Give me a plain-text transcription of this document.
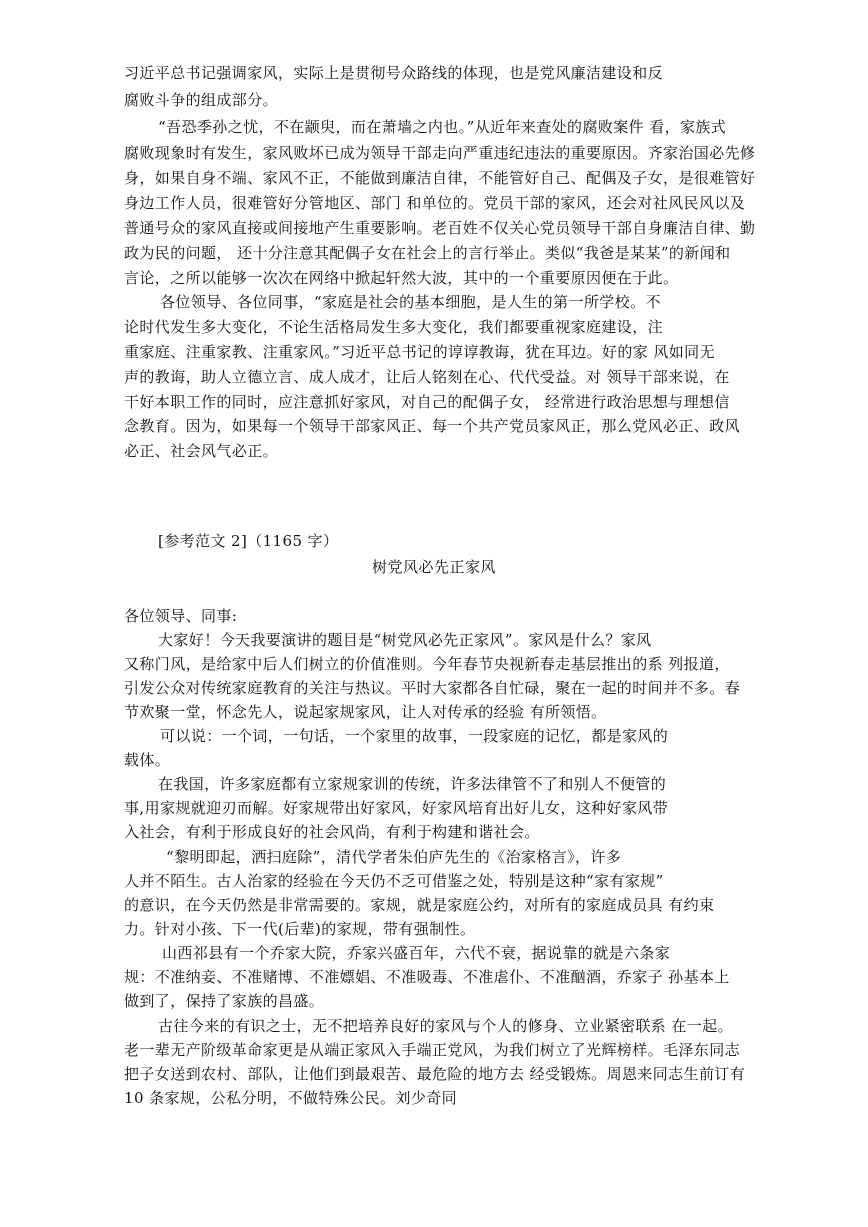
习近平总书记强调家风，实际上是贯彻号众路线的体现，也是党风廉洁建设和反
腐败斗争的组成部分。
“吾恐季孙之忧，不在颛臾，而在萧墙之内也。”从近年来查处的腐败案件 看，家族式
腐败现象时有发生，家风败坏已成为领导干部走向严重违纪违法的重要原因。齐家治国必先修
身，如果自身不端、家风不正，不能做到廉洁自律，不能管好自己、配偶及子女，是很难管好
身边工作人员，很难管好分管地区、部门 和单位的。党员干部的家风，还会对社风民风以及
普通号众的家风直接或间接地产生重要影响。老百姓不仅关心党员领导干部自身廉洁自律、勤
政为民的问题， 还十分注意其配偶子女在社会上的言行举止。类似“我爸是某某”的新闻和
言论，之所以能够一次次在网络中掀起轩然大波，其中的一个重要原因便在于此。
各位领导、各位同事，“家庭是社会的基本细胞，是人生的第一所学校。不
论时代发生多大变化，不论生活格局发生多大变化，我们都要重视家庭建设，注
重家庭、注重家教、注重家风。”习近平总书记的谆谆教诲，犹在耳边。好的家 风如同无
声的教诲，助人立德立言、成人成才，让后人铭刻在心、代代受益。对 领导干部来说，在
干好本职工作的同时，应注意抓好家风，对自己的配偶子女， 经常进行政治思想与理想信
念教育。因为，如果每一个领导干部家风正、每一个共产党员家风正，那么党风必正、政风
必正、社会风气必正。
[参考范文 2]（1165 字）
树党风必先正家风
各位领导、同事:
大家好！今天我要演讲的题目是“树党风必先正家风”。家风是什么？家风
又称门风，是给家中后人们树立的价值准则。今年春节央视新春走基层推出的系 列报道，
引发公众对传统家庭教育的关注与热议。平时大家都各自忙碌，聚在一起的时间并不多。春
节欢聚一堂，怀念先人，说起家规家风，让人对传承的经验 有所领悟。
可以说：一个词，一句话，一个家里的故事，一段家庭的记忆，都是家风的
载体。
在我国，许多家庭都有立家规家训的传统，许多法律管不了和别人不便管的
事,用家规就迎刃而解。好家规带出好家风，好家风培育出好儿女，这种好家风带
入社会，有利于形成良好的社会风尚，有利于构建和谐社会。
“黎明即起，洒扫庭除”，清代学者朱伯庐先生的《治家格言》，许多
人并不陌生。古人治家的经验在今天仍不乏可借鉴之处，特别是这种“家有家规”
的意识，在今天仍然是非常需要的。家规，就是家庭公约，对所有的家庭成员具 有约束
力。针对小孩、下一代(后辈)的家规，带有强制性。
山西祁县有一个乔家大院，乔家兴盛百年，六代不衰，据说靠的就是六条家
规：不准纳妾、不准赌博、不准嫖娼、不准吸毒、不准虐仆、不准酗酒，乔家子 孙基本上
做到了，保持了家族的昌盛。
古往今来的有识之士，无不把培养良好的家风与个人的修身、立业紧密联系 在一起。
老一辈无产阶级革命家更是从端正家风入手端正党风，为我们树立了光辉榜样。毛泽东同志
把子女送到农村、部队，让他们到最艰苦、最危险的地方去 经受锻炼。周恩来同志生前订有
10 条家规，公私分明，不做特殊公民。刘少奇同
